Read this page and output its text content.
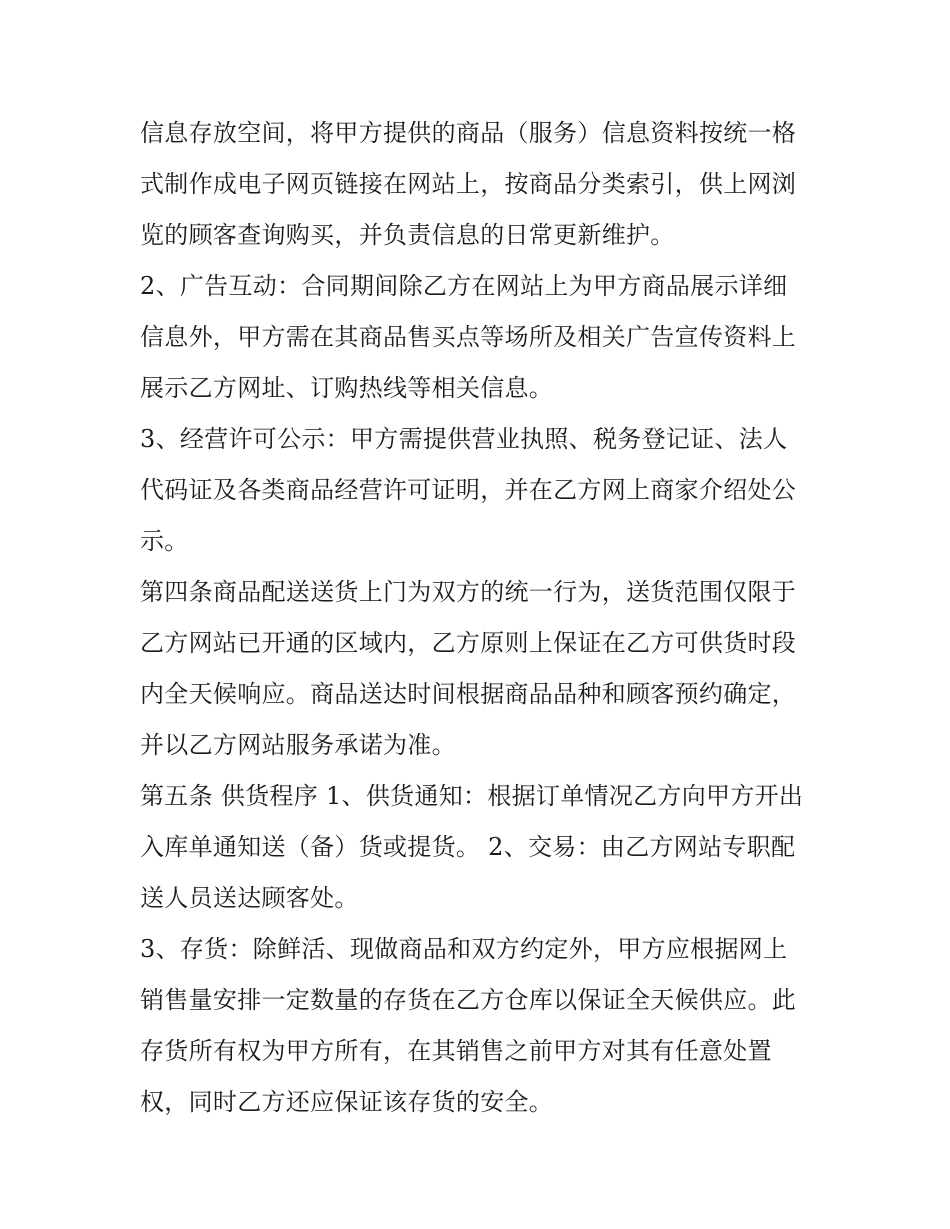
信息存放空间，将甲方提供的商品（服务）信息资料按统一格
式制作成电子网页链接在网站上，按商品分类索引，供上网浏
览的顾客查询购买，并负责信息的日常更新维护。
2、广告互动：合同期间除乙方在网站上为甲方商品展示详细
信息外，甲方需在其商品售买点等场所及相关广告宣传资料上
展示乙方网址、订购热线等相关信息。
3、经营许可公示：甲方需提供营业执照、税务登记证、法人
代码证及各类商品经营许可证明，并在乙方网上商家介绍处公
示。
第四条商品配送送货上门为双方的统一行为，送货范围仅限于
乙方网站已开通的区域内，乙方原则上保证在乙方可供货时段
内全天候响应。商品送达时间根据商品品种和顾客预约确定，
并以乙方网站服务承诺为准。
第五条 供货程序 1、供货通知：根据订单情况乙方向甲方开出
入库单通知送（备）货或提货。 2、交易：由乙方网站专职配
送人员送达顾客处。
3、存货：除鲜活、现做商品和双方约定外，甲方应根据网上
销售量安排一定数量的存货在乙方仓库以保证全天候供应。此
存货所有权为甲方所有，在其销售之前甲方对其有任意处置
权，同时乙方还应保证该存货的安全。
